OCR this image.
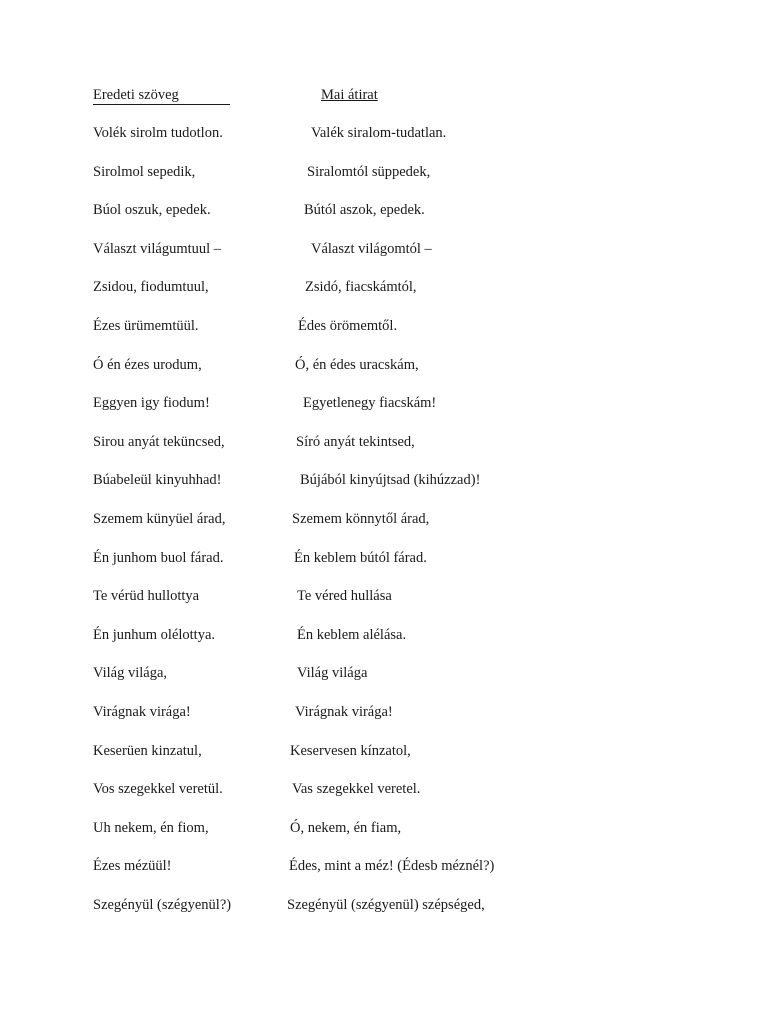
Eredeti szöveg	Mai átirat
Volék sirolm tudotlon.	Valék siralom-tudatlan.
Sirolmol sepedik,	Siralomtól süppedek,
Búol oszuk, epedek.	Bútól aszok, epedek.
Választ világumtuul –	Választ világomtól –
Zsidou, fiodumtuul,	Zsidó, fiacskámtól,
Ézes ürümemtüül.	Édes örömemtől.
Ó én ézes urodum,	Ó, én édes uracskám,
Eggyen igy fiodum!	Egyetlenegy fiacskám!
Sirou anyát teküncsed,	Síró anyát tekintsed,
Búabeleül kinyuhhad!	Bújából kinyújtsad (kihúzzad)!
Szemem künyüel árad,	Szemem könnytől árad,
Én junhom buol fárad.	Én keblem bútól fárad.
Te vérüd hullottya	Te véred hullása
Én junhum olélottya.	Én keblem alélása.
Világ világa,	Világ világa
Virágnak virága!	Virágnak virága!
Keserüen kinzatul,	Keservesen kínzatol,
Vos szegekkel veretül.	Vas szegekkel veretel.
Uh nekem, én fiom,	Ó, nekem, én fiam,
Ézes mézüül!	Édes, mint a méz! (Édesb méznél?)
Szegényül (szégyenül?)	Szegényül (szégyenül) szépséged,
